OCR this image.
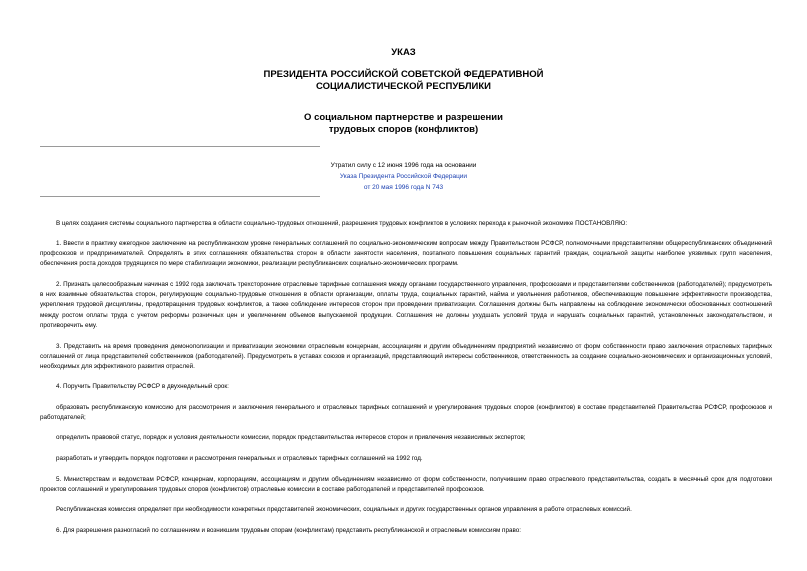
УКАЗ
ПРЕЗИДЕНТА РОССИЙСКОЙ СОВЕТСКОЙ ФЕДЕРАТИВНОЙ
СОЦИАЛИСТИЧЕСКОЙ РЕСПУБЛИКИ
О социальном партнерстве и разрешении
трудовых споров (конфликтов)
Утратил силу с 12 июня 1996 года на основании
Указа Президента Российской Федерации
от 20 мая 1996 года N 743

В целях создания системы социального партнерства в области социально-трудовых отношений, разрешения трудовых конфликтов в условиях перехода к рыночной экономике ПОСТАНОВЛЯЮ:

1. Ввести в практику ежегодное заключение на республиканском уровне генеральных соглашений по социально-экономическим вопросам между Правительством РСФСР, полномочными представителями общереспубликанских объединений профсоюзов и предпринимателей. Определять в этих соглашениях обязательства сторон в области занятости населения, поэтапного повышения социальных гарантий граждан, социальной защиты наиболее уязвимых групп населения, обеспечения роста доходов трудящихся по мере стабилизации экономики, реализации республиканских социально-экономических программ.

2. Признать целесообразным начиная с 1992 года заключать трехсторонние отраслевые тарифные соглашения между органами государственного управления, профсоюзами и представителями собственников (работодателей); предусмотреть в них взаимные обязательства сторон, регулирующие социально-трудовые отношения в области организации, оплаты труда, социальных гарантий, найма и увольнения работников, обеспечивающие повышение эффективности производства, укрепления трудовой дисциплины, предотвращения трудовых конфликтов, а также соблюдение интересов сторон при проведении приватизации. Соглашения должны быть направлены на соблюдение экономически обоснованных соотношений между ростом оплаты труда с учетом реформы розничных цен и увеличением объемов выпускаемой продукции. Соглашения не должны ухудшать условий труда и нарушать социальных гарантий, установленных законодательством, и противоречить ему.

3. Представить на время проведения демонополизации и приватизации экономики отраслевым концернам, ассоциациям и другим объединениям предприятий независимо от форм собственности право заключения отраслевых тарифных соглашений от лица представителей собственников (работодателей). Предусмотреть в уставах союзов и организаций, представляющий интересы собственников, ответственность за создание социально-экономических и организационных условий, необходимых для эффективного развития отраслей.

4. Поручить Правительству РСФСР в двухнедельный срок:

образовать республиканскую комиссию для рассмотрения и заключения генерального и отраслевых тарифных соглашений и урегулирования трудовых споров (конфликтов) в составе представителей Правительства РСФСР, профсоюзов и работодателей;

определить правовой статус, порядок и условия деятельности комиссии, порядок представительства интересов сторон и привлечения независимых экспертов;

разработать и утвердить порядок подготовки и рассмотрения генеральных и отраслевых тарифных соглашений на 1992 год.

5. Министерствам и ведомствам РСФСР, концернам, корпорациям, ассоциациям и другим объединениям независимо от форм собственности, получившим право отраслевого представительства, создать в месячный срок для подготовки проектов соглашений и урегулирования трудовых споров (конфликтов) отраслевые комиссии в составе работодателей и представителей профсоюзов.

Республиканская комиссия определяет при необходимости конкретных представителей экономических, социальных и других государственных органов управления в работе отраслевых комиссий.

6. Для разрешения разногласий по соглашениям и возникшим трудовым спорам (конфликтам) представить республиканской и отраслевым комиссиям право:
